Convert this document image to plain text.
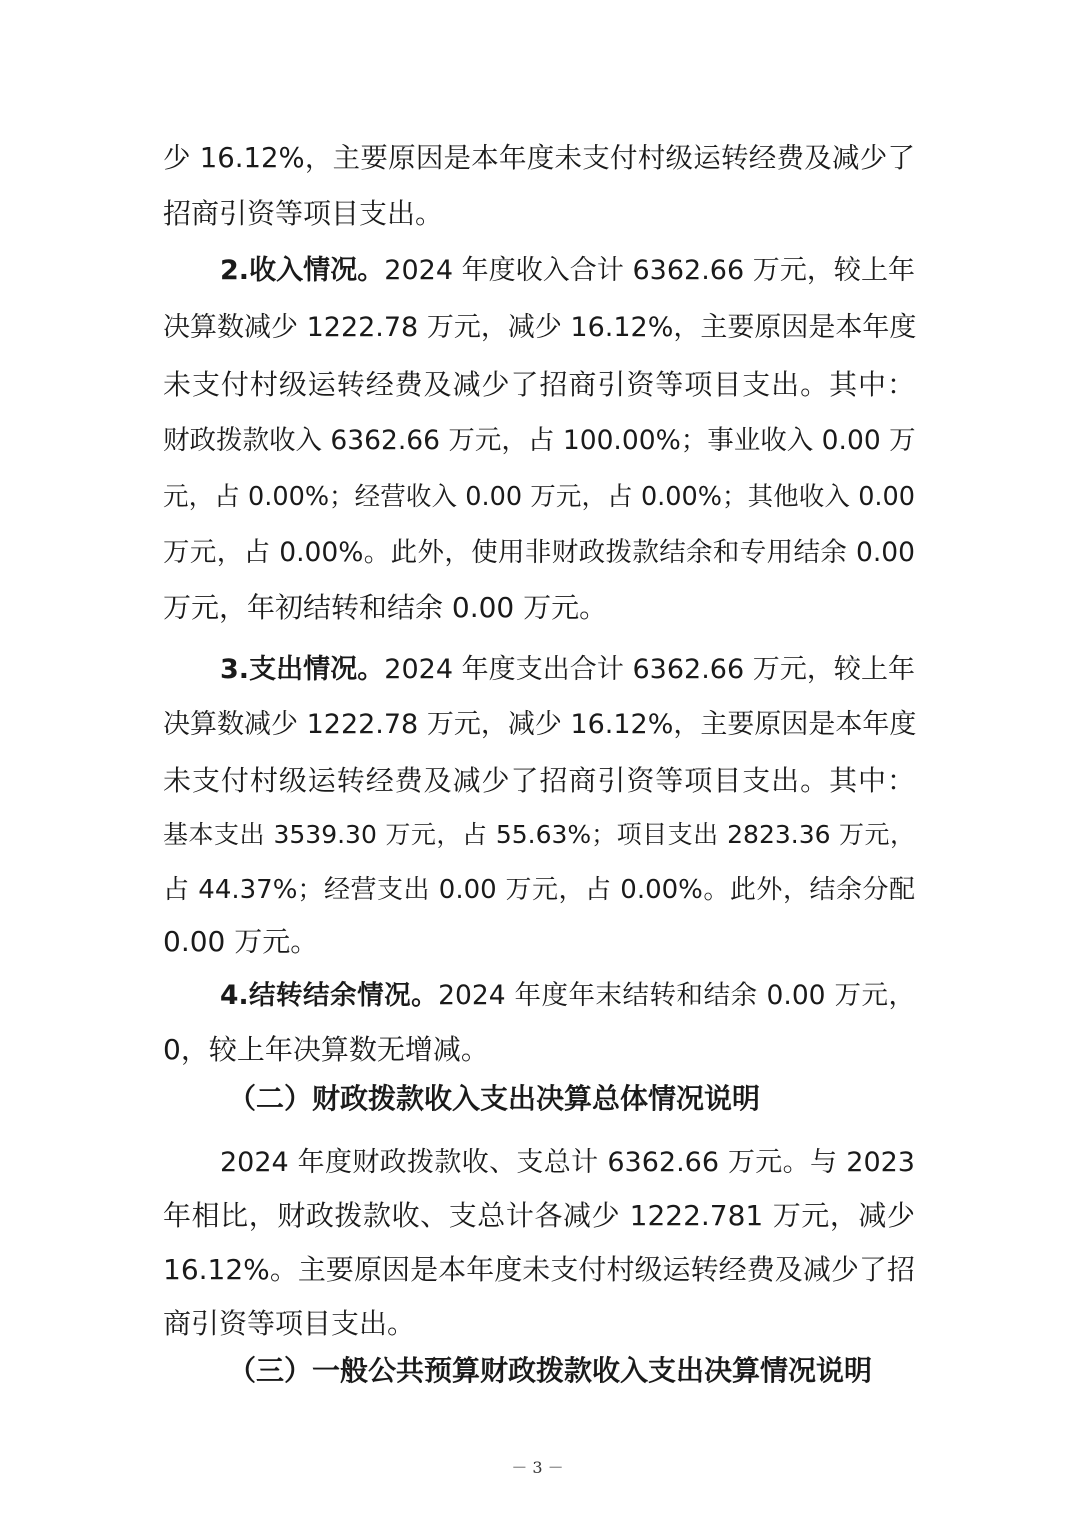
少 16.12%，主要原因是本年度未支付村级运转经费及减少了
招商引资等项目支出。
2.收入情况。2024 年度收入合计 6362.66 万元，较上年
决算数减少 1222.78 万元，减少 16.12%，主要原因是本年度
未支付村级运转经费及减少了招商引资等项目支出。其中：
财政拨款收入 6362.66 万元，占 100.00%；事业收入 0.00 万
元，占 0.00%；经营收入 0.00 万元，占 0.00%；其他收入 0.00
万元，占 0.00%。此外，使用非财政拨款结余和专用结余 0.00
万元，年初结转和结余 0.00 万元。
3.支出情况。2024 年度支出合计 6362.66 万元，较上年
决算数减少 1222.78 万元，减少 16.12%，主要原因是本年度
未支付村级运转经费及减少了招商引资等项目支出。其中：
基本支出 3539.30 万元，占 55.63%；项目支出 2823.36 万元，
占 44.37%；经营支出 0.00 万元，占 0.00%。此外，结余分配
0.00 万元。
4.结转结余情况。2024 年度年末结转和结余 0.00 万元，
0，较上年决算数无增减。
（二）财政拨款收入支出决算总体情况说明
2024 年度财政拨款收、支总计 6362.66 万元。与 2023
年相比，财政拨款收、支总计各减少 1222.781 万元，减少
16.12%。主要原因是本年度未支付村级运转经费及减少了招
商引资等项目支出。
（三）一般公共预算财政拨款收入支出决算情况说明
－ 3 －
